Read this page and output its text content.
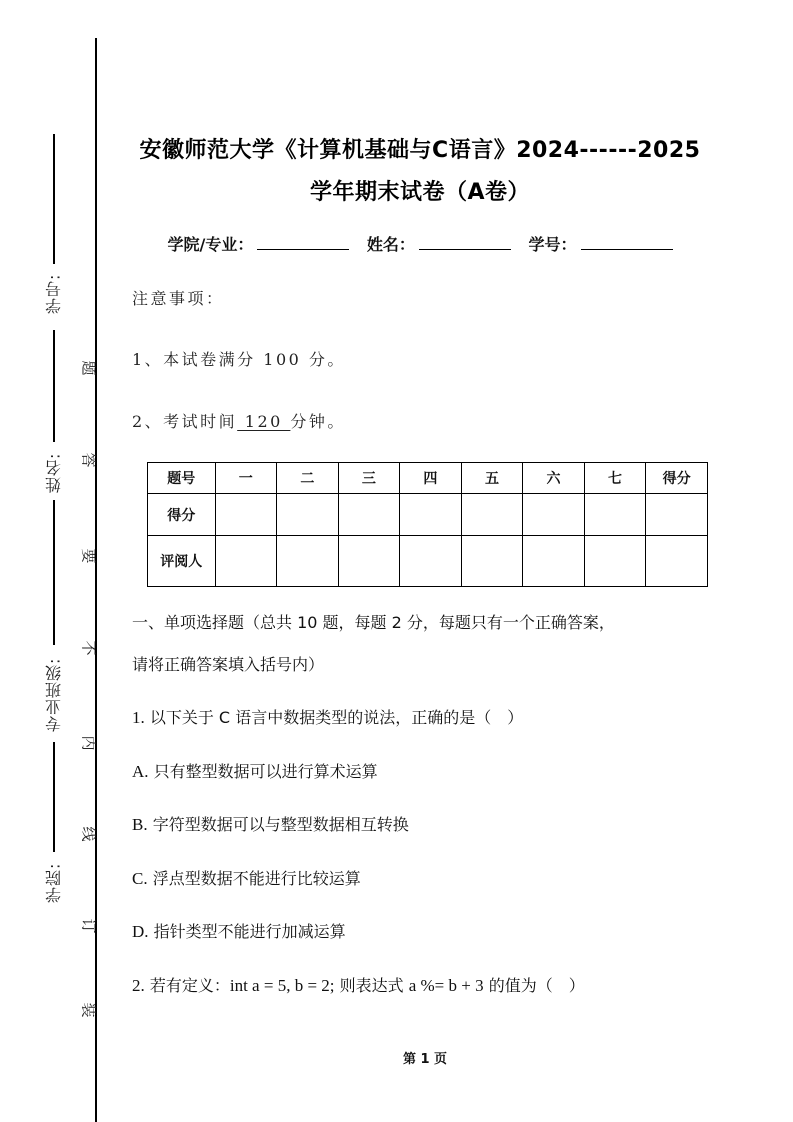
学号:
姓名:
专业班级:
学院:
题
答
要
不
内
线
订
装
安徽师范大学《计算机基础与C语言》2024------2025
学年期末试卷（A卷）
学院/专业：
	姓名：
	学号：
注意事项：
1、本试卷满分 100 分。
2、考试时间 120 分钟。
题号	一	二	三	四	五	六	七	得分
得分								
评阅人								
一、单项选择题（总共 10 题，每题 2 分，每题只有一个正确答案，
请将正确答案填入括号内）
1. 以下关于 C 语言中数据类型的说法，正确的是（　）
A. 只有整型数据可以进行算术运算
B. 字符型数据可以与整型数据相互转换
C. 浮点型数据不能进行比较运算
D. 指针类型不能进行加减运算
2. 若有定义：int a = 5, b = 2; 则表达式 a %= b + 3 的值为（　）
第 1 页
